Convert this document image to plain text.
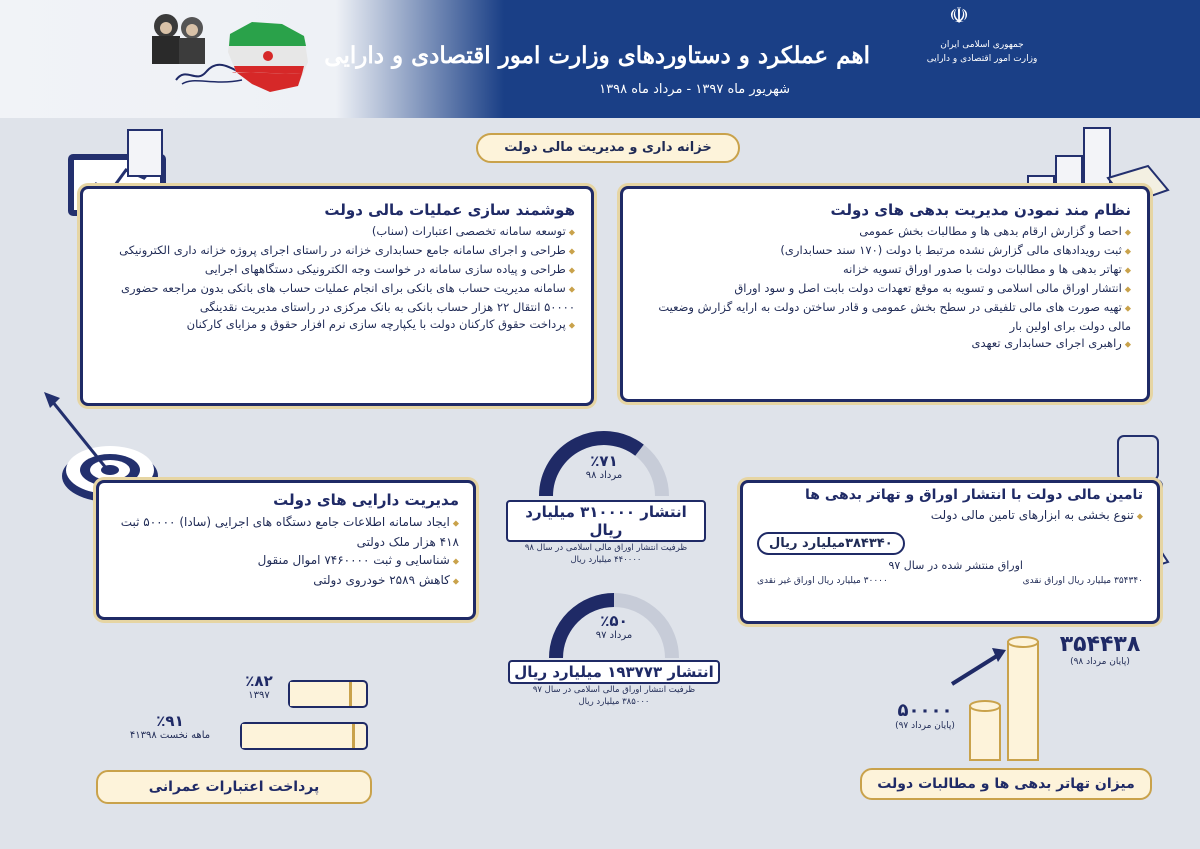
اهم عملکرد و دستاوردهای وزارت امور اقتصادی و دارایی
شهریور ماه ۱۳۹۷ - مرداد ماه ۱۳۹۸
☫
جمهوری اسلامی ایران
وزارت امور اقتصادی و دارایی
خزانه داری و مدیریت مالی دولت
نظام مند نمودن مدیریت بدهی های دولت
⬥ احصا و گزارش ارقام بدهی ها و مطالبات بخش عمومی
⬥ ثبت رویدادهای مالی گزارش نشده مرتبط با دولت (۱۷۰ سند حسابداری)
⬥ تهاتر بدهی ها و مطالبات دولت با صدور اوراق تسویه خزانه
⬥ انتشار اوراق مالی اسلامی و تسویه به موقع تعهدات دولت بابت اصل و سود اوراق
⬥ تهیه صورت های مالی تلفیقی در سطح بخش عمومی و قادر ساختن دولت به ارایه گزارش وضعیت مالی دولت برای اولین بار
⬥ راهبری اجرای حسابداری تعهدی
هوشمند سازی عملیات مالی دولت
⬥ توسعه سامانه تخصصی اعتبارات (سناب)
⬥ طراحی و اجرای سامانه جامع حسابداری خزانه در راستای اجرای پروژه خزانه داری الکترونیکی
⬥ طراحی و پیاده سازی سامانه در خواست وجه الکترونیکی دستگاههای اجرایی
⬥ سامانه مدیریت حساب های بانکی برای انجام عملیات حساب های بانکی بدون مراجعه حضوری ۵۰۰۰۰ انتقال ۲۲ هزار حساب بانکی به بانک مرکزی در راستای مدیریت نقدینگی
⬥ پرداخت حقوق کارکنان دولت با یکپارچه سازی نرم افزار حقوق و مزایای کارکنان
مدیریت دارایی های دولت
⬥ ایجاد سامانه اطلاعات جامع دستگاه های اجرایی (سادا) ۵۰۰۰۰ ثبت ۴۱۸ هزار ملک دولتی
⬥ شناسایی و ثبت ۷۴۶۰۰۰۰ اموال منقول
⬥ کاهش ۲۵۸۹ خودروی دولتی
٪۷۱
مرداد ۹۸
انتشار ۳۱۰۰۰۰ میلیارد ریال
ظرفیت انتشار اوراق مالی اسلامی در سال ۹۸
۴۴۰۰۰۰ میلیارد ریال
٪۵۰
مرداد ۹۷
انتشار ۱۹۳۷۷۳ میلیارد ریال
ظرفیت انتشار اوراق مالی اسلامی در سال ۹۷
۳۸۵۰۰۰ میلیارد ریال
تامین مالی دولت با انتشار اوراق و تهاتر بدهی ها
⬥ تنوع بخشی به ابزارهای تامین مالی دولت
۳۸۴۳۴۰میلیارد ریال
اوراق منتشر شده در سال ۹۷
۳۵۴۳۴۰ میلیارد ریال اوراق نقدی
۳۰۰۰۰ میلیارد ریال اوراق غیر نقدی
۳۵۴۴۳۸
(پایان مرداد ۹۸)
۵۰۰۰۰
(پایان مرداد ۹۷)
میزان تهاتر بدهی ها و مطالبات دولت
٪۸۲
۱۳۹۷
٪۹۱
۴ماهه نخست ۱۳۹۸
پرداخت اعتبارات عمرانی
